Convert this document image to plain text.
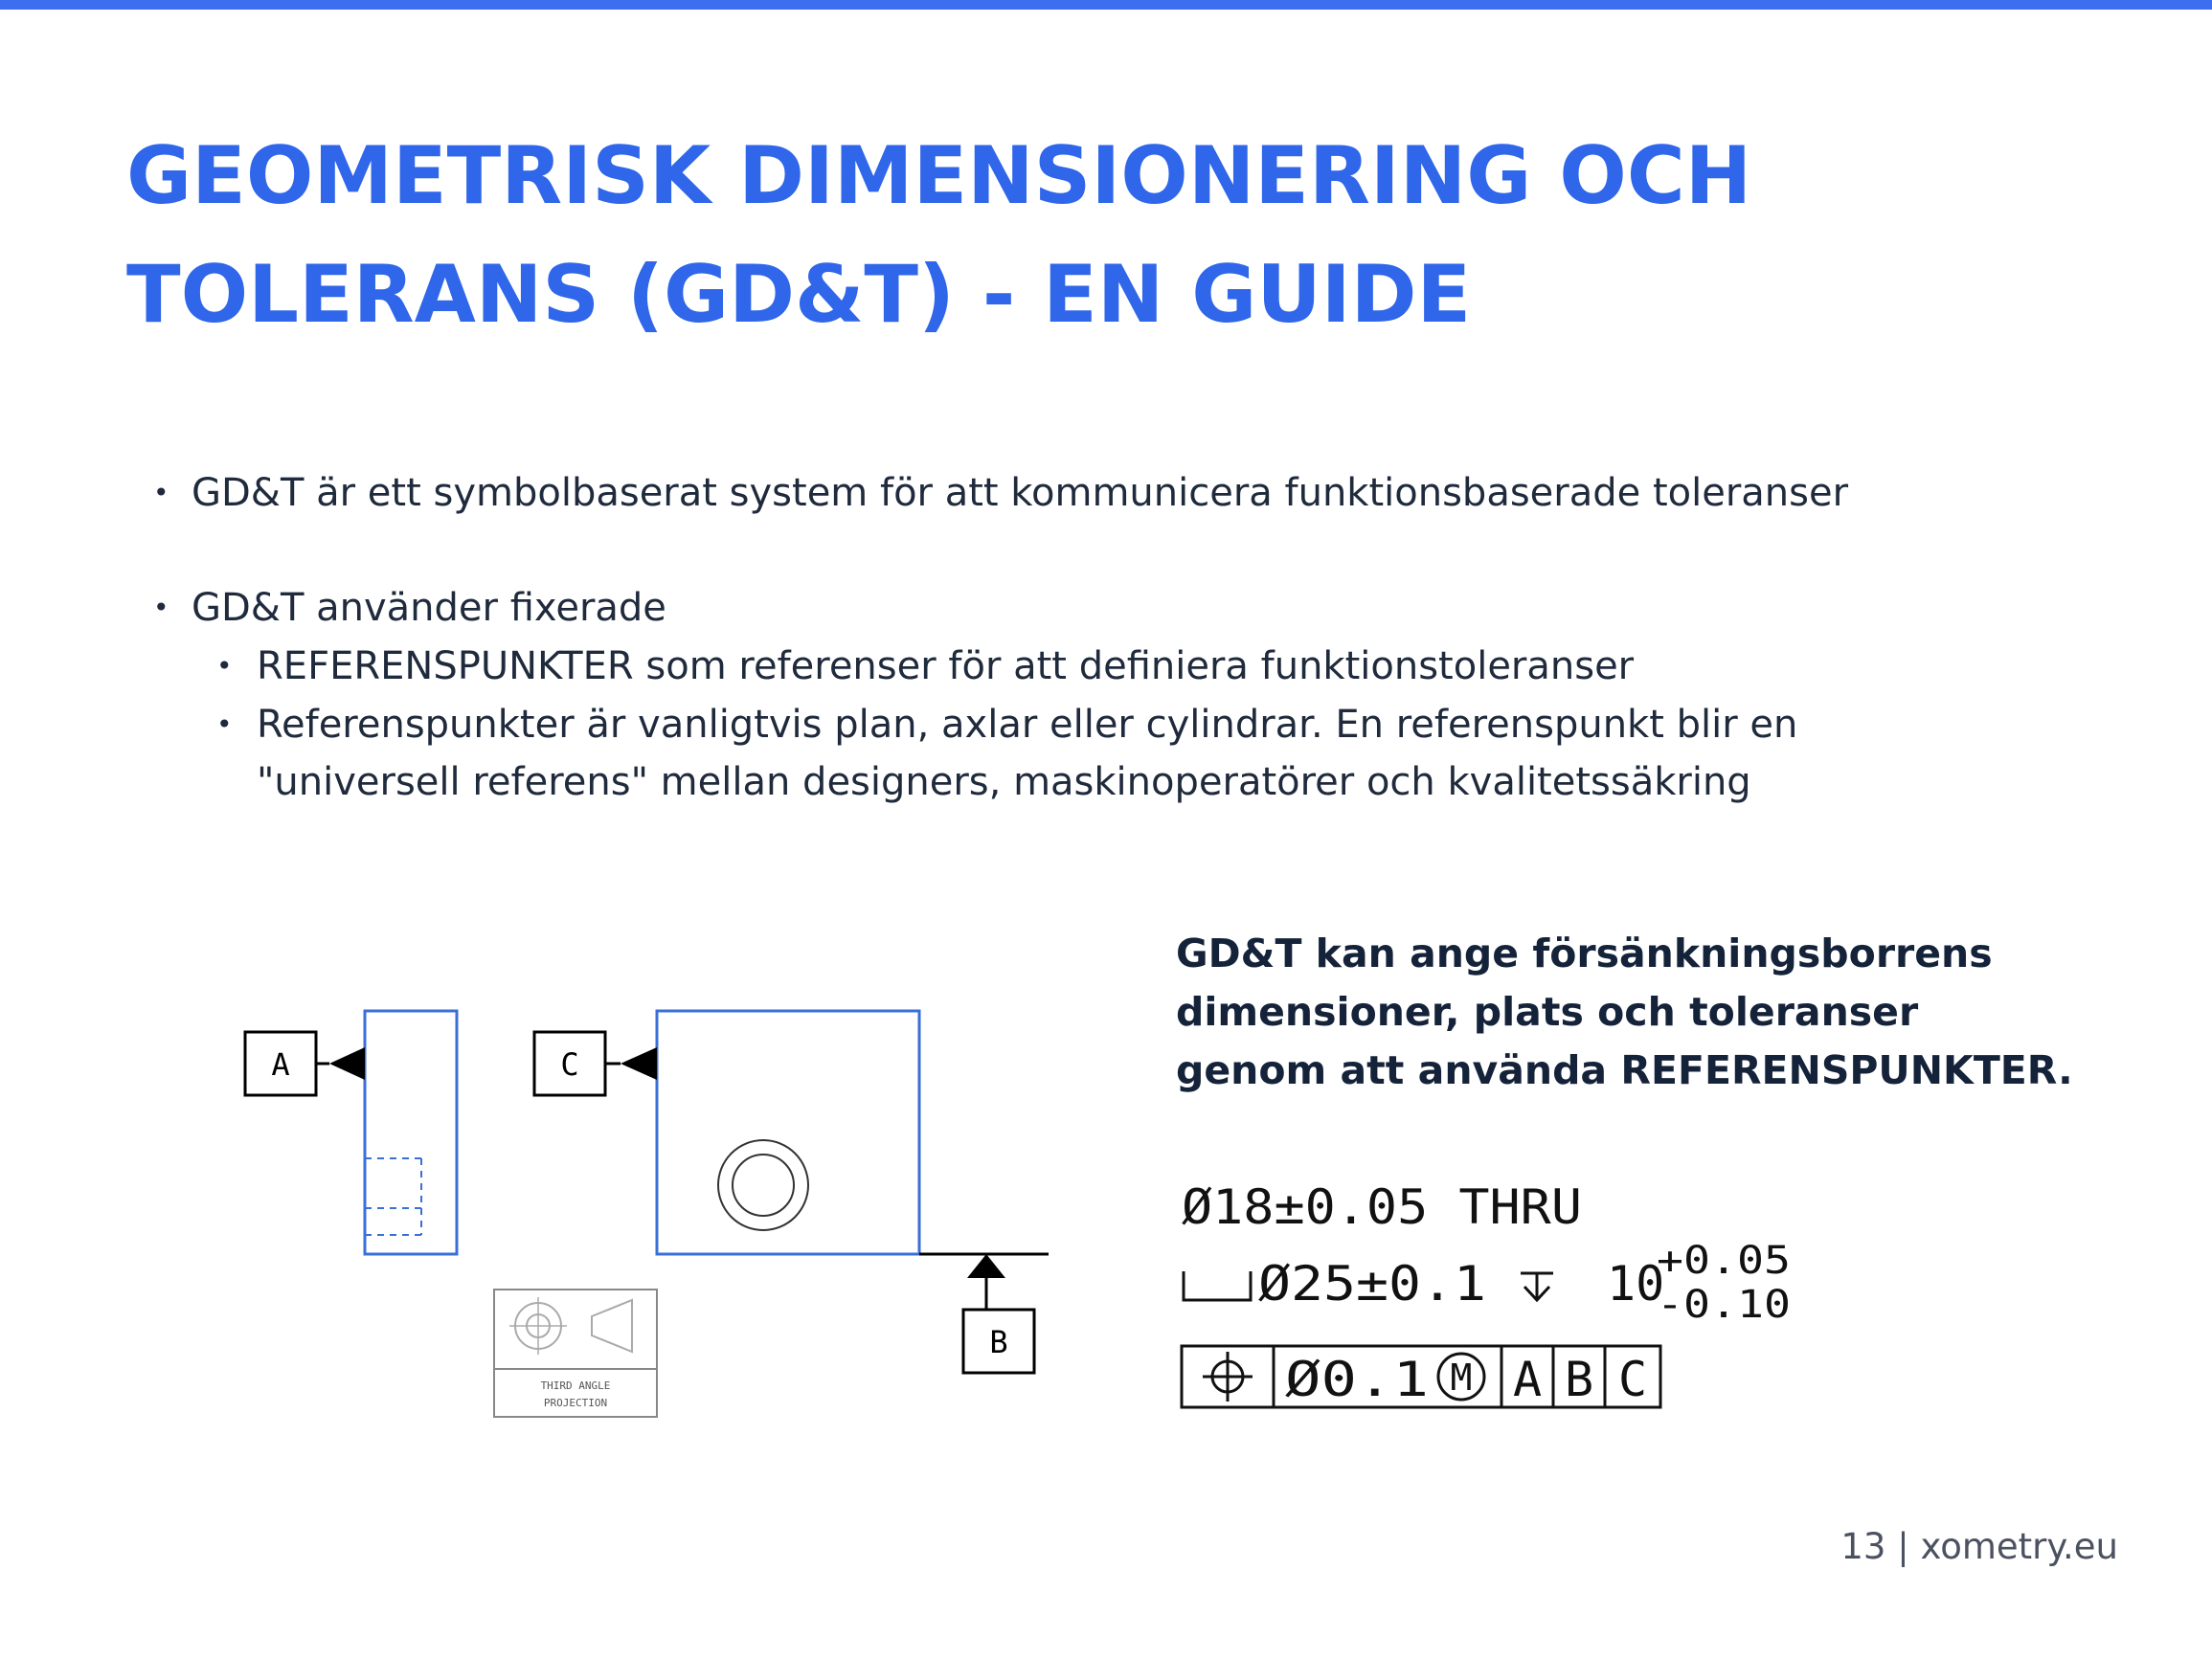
GEOMETRISK DIMENSIONERING OCH
TOLERANS (GD&T) - EN GUIDE
• GD&T är ett symbolbaserat system för att kommunicera funktionsbaserade toleranser
• GD&T använder fixerade
• REFERENSPUNKTER som referenser för att definiera funktionstoleranser
• Referenspunkter är vanligtvis plan, axlar eller cylindrar. En referenspunkt blir en
"universell referens" mellan designers, maskinoperatörer och kvalitetssäkring
A	C
B
THIRD ANGLE
PROJECTION
GD&T kan ange försänkningsborrens
dimensioner, plats och toleranser
genom att använda REFERENSPUNKTER.
Ø18±0.05 THRU
Ø25±0.1	10
+0.05
-0.10
Ø0.1 M A B C
13 | xometry.eu
